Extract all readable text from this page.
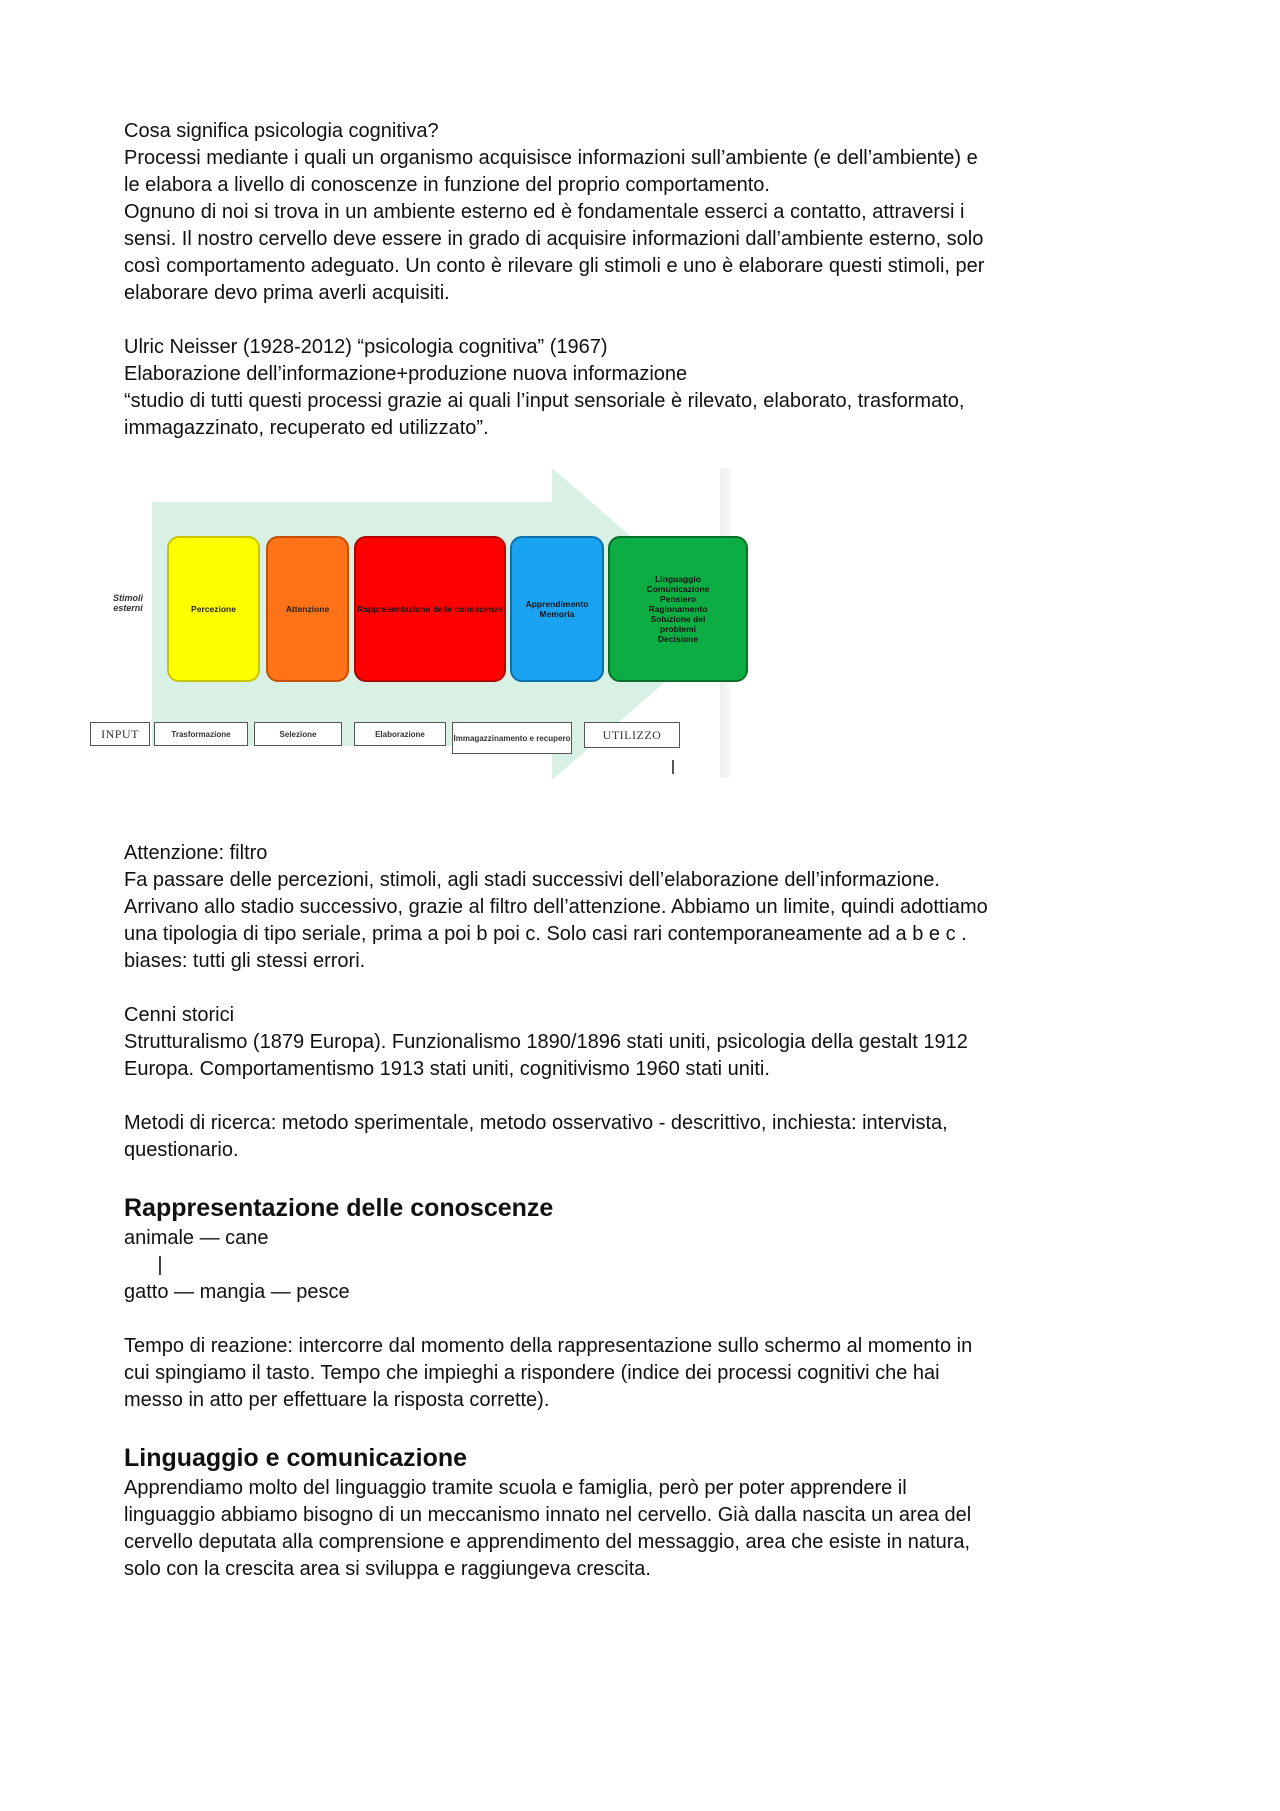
Cosa significa psicologia cognitiva?

Processi mediante i quali un organismo acquisisce informazioni sull’ambiente (e dell’ambiente) e

le elabora a livello di conoscenze in funzione del proprio comportamento.

Ognuno di noi si trova in un ambiente esterno ed è fondamentale esserci a contatto, attraversi i

sensi. Il nostro cervello deve essere in grado di acquisire informazioni dall’ambiente esterno, solo

così comportamento adeguato. Un conto è rilevare gli stimoli e uno è elaborare questi stimoli, per

elaborare devo prima averli acquisiti.

Ulric Neisser (1928-2012) “psicologia cognitiva” (1967)

Elaborazione dell’informazione+produzione nuova informazione

“studio di tutti questi processi grazie ai quali l’input sensoriale è rilevato, elaborato, trasformato,

immagazzinato, recuperato ed utilizzato”.

Stimoli esterni	Percezione	Attenzione	Rappresentazione delle conoscenze	Apprendimento Memoria
Linguaggio
Comunicazione
Pensiero
Ragionamento
Soluzione dei
problemi
Decisione
INPUT	Trasformazione	Selezione	Elaborazione	Immagazzinamento e recupero	UTILIZZO

Attenzione: filtro

Fa passare delle percezioni, stimoli, agli stadi successivi dell’elaborazione dell’informazione.

Arrivano allo stadio successivo, grazie al filtro dell’attenzione. Abbiamo un limite, quindi adottiamo

una tipologia di tipo seriale, prima a poi b poi c. Solo casi rari contemporaneamente ad a b e c .

biases: tutti gli stessi errori.

Cenni storici

Strutturalismo (1879 Europa). Funzionalismo 1890/1896 stati uniti, psicologia della gestalt 1912

Europa. Comportamentismo 1913 stati uniti, cognitivismo 1960 stati uniti.

Metodi di ricerca: metodo sperimentale, metodo osservativo - descrittivo, inchiesta: intervista,

questionario.

Rappresentazione delle conoscenze

animale — cane

|

gatto — mangia — pesce

Tempo di reazione: intercorre dal momento della rappresentazione sullo schermo al momento in

cui spingiamo il tasto. Tempo che impieghi a rispondere (indice dei processi cognitivi che hai

messo in atto per effettuare la risposta corrette).

Linguaggio e comunicazione

Apprendiamo molto del linguaggio tramite scuola e famiglia, però per poter apprendere il

linguaggio abbiamo bisogno di un meccanismo innato nel cervello. Già dalla nascita un area del

cervello deputata alla comprensione e apprendimento del messaggio, area che esiste in natura,

solo con la crescita area si sviluppa e raggiungeva crescita.
